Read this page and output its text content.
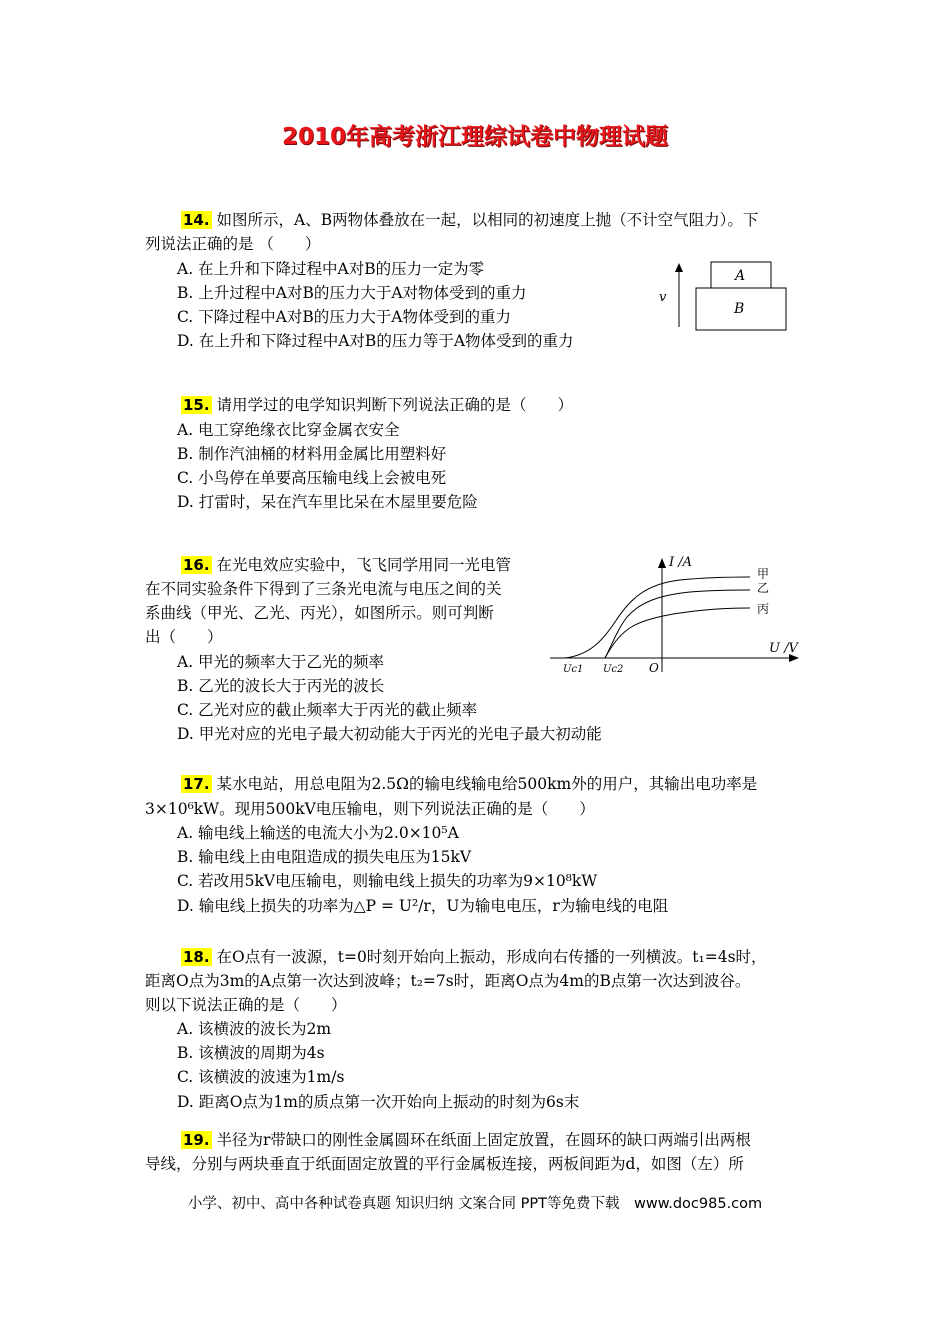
2010年高考浙江理综试卷中物理试题
14. 如图所示，A、B两物体叠放在一起，以相同的初速度上抛（不计空气阻力）。下
列说法正确的是 （　　）
A. 在上升和下降过程中A对B的压力一定为零
B. 上升过程中A对B的压力大于A对物体受到的重力
C. 下降过程中A对B的压力大于A物体受到的重力
D. 在上升和下降过程中A对B的压力等于A物体受到的重力
v
A
B
15. 请用学过的电学知识判断下列说法正确的是（　　）
A. 电工穿绝缘衣比穿金属衣安全
B. 制作汽油桶的材料用金属比用塑料好
C. 小鸟停在单要高压输电线上会被电死
D. 打雷时，呆在汽车里比呆在木屋里要危险
16. 在光电效应实验中，飞飞同学用同一光电管
在不同实验条件下得到了三条光电流与电压之间的关
系曲线（甲光、乙光、丙光），如图所示。则可判断
出（　　）
A. 甲光的频率大于乙光的频率
B. 乙光的波长大于丙光的波长
C. 乙光对应的截止频率大于丙光的截止频率
D. 甲光对应的光电子最大初动能大于丙光的光电子最大初动能
I /A
U /V
O
Uc1 Uc2
甲
乙
丙
17. 某水电站，用总电阻为2.5Ω的输电线输电给500km外的用户，其输出电功率是
3×10⁶kW。现用500kV电压输电，则下列说法正确的是（　　）
A. 输电线上输送的电流大小为2.0×10⁵A
B. 输电线上由电阻造成的损失电压为15kV
C. 若改用5kV电压输电，则输电线上损失的功率为9×10⁸kW
D. 输电线上损失的功率为△P = U²/r，U为输电电压，r为输电线的电阻
18. 在O点有一波源，t=0时刻开始向上振动，形成向右传播的一列横波。t₁=4s时，
距离O点为3m的A点第一次达到波峰；t₂=7s时，距离O点为4m的B点第一次达到波谷。
则以下说法正确的是（　　）
A. 该横波的波长为2m
B. 该横波的周期为4s
C. 该横波的波速为1m/s
D. 距离O点为1m的质点第一次开始向上振动的时刻为6s末
19. 半径为r带缺口的刚性金属圆环在纸面上固定放置，在圆环的缺口两端引出两根
导线，分别与两块垂直于纸面固定放置的平行金属板连接，两板间距为d，如图（左）所
小学、初中、高中各种试卷真题 知识归纳 文案合同 PPT等免费下载　www.doc985.com
